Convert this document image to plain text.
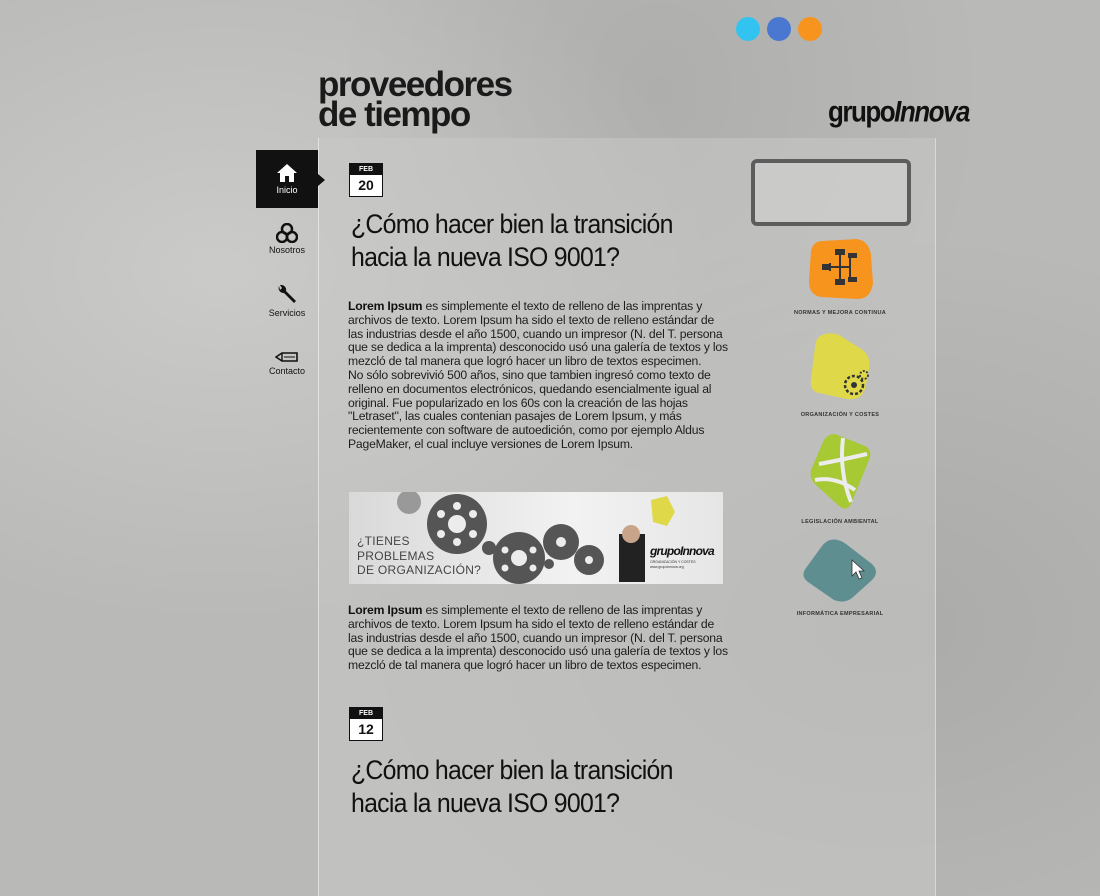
proveedores
de tiempo	grupoInnova
Inicio
Nosotros
Servicios
Contacto
FEB
20
¿Cómo hacer bien la transición
hacia la nueva ISO 9001?

Lorem Ipsum es simplemente el texto de relleno de las imprentas y archivos de texto. Lorem Ipsum ha sido el texto de relleno estándar de las industrias desde el año 1500, cuando un impresor (N. del T. persona que se dedica a la imprenta) desconocido usó una galería de textos y los mezcló de tal manera que logró hacer un libro de textos especimen.
No sólo sobrevivió 500 años, sino que tambien ingresó como texto de relleno en documentos electrónicos, quedando esencialmente igual al original. Fue popularizado en los 60s con la creación de las hojas "Letraset", las cuales contenian pasajes de Lorem Ipsum, y más recientemente con software de autoedición, como por ejemplo Aldus PageMaker, el cual incluye versiones de Lorem Ipsum.

¿TIENES
PROBLEMAS
DE ORGANIZACIÓN?
grupoInnova
ORGANIZACIÓN Y COSTES
www.grupoinnova.org

Lorem Ipsum es simplemente el texto de relleno de las imprentas y archivos de texto. Lorem Ipsum ha sido el texto de relleno estándar de las industrias desde el año 1500, cuando un impresor (N. del T. persona que se dedica a la imprenta) desconocido usó una galería de textos y los mezcló de tal manera que logró hacer un libro de textos especimen.

FEB
12
¿Cómo hacer bien la transición
hacia la nueva ISO 9001?
NORMAS Y MEJORA CONTINUA
ORGANIZACIÓN Y COSTES
LEGISLACIÓN AMBIENTAL
INFORMÁTICA EMPRESARIAL
